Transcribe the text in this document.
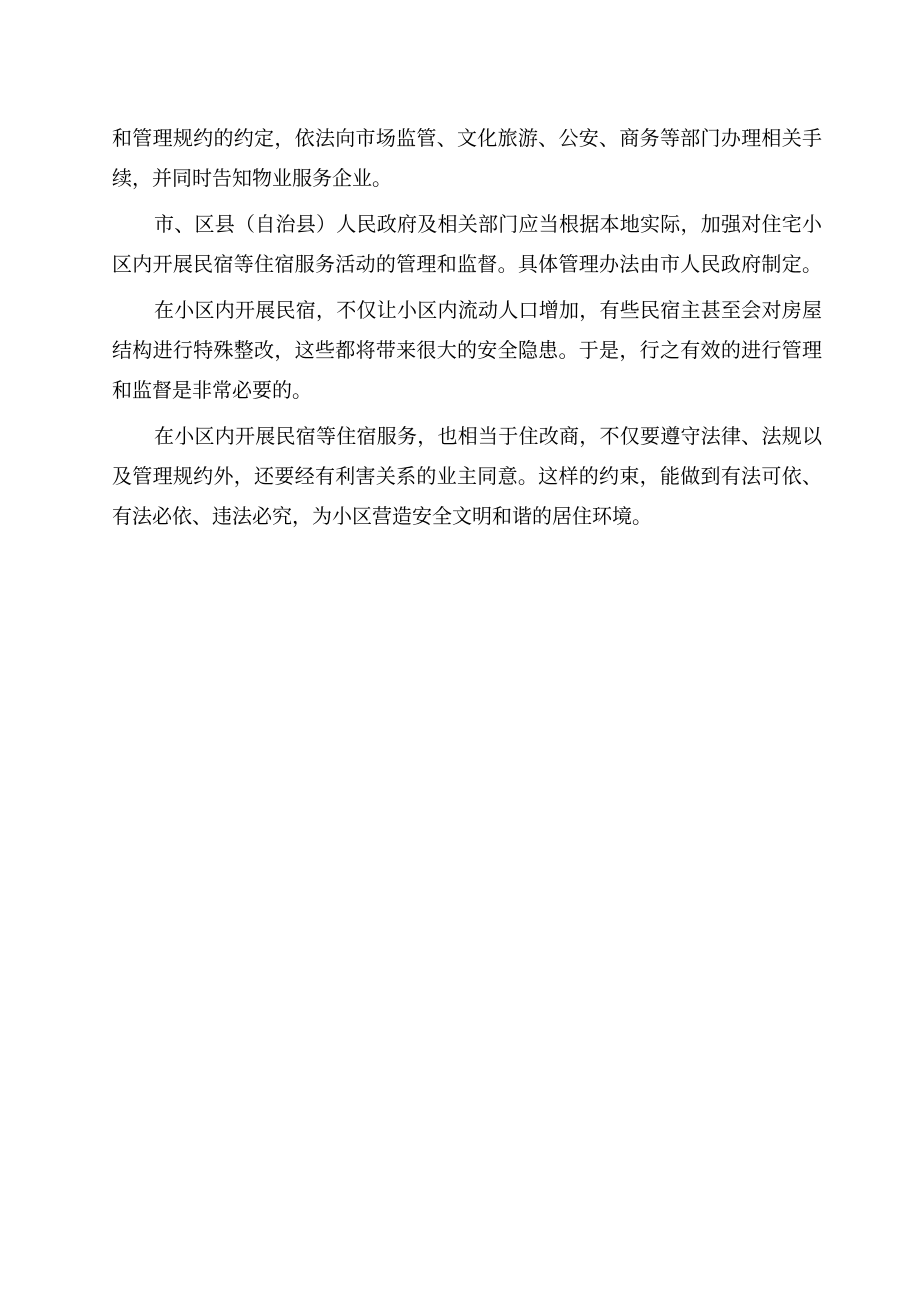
和管理规约的约定，依法向市场监管、文化旅游、公安、商务等部门办理相关手
续，并同时告知物业服务企业。
市、区县（自治县）人民政府及相关部门应当根据本地实际，加强对住宅小
区内开展民宿等住宿服务活动的管理和监督。具体管理办法由市人民政府制定。
在小区内开展民宿，不仅让小区内流动人口增加，有些民宿主甚至会对房屋
结构进行特殊整改，这些都将带来很大的安全隐患。于是，行之有效的进行管理
和监督是非常必要的。
在小区内开展民宿等住宿服务，也相当于住改商，不仅要遵守法律、法规以
及管理规约外，还要经有利害关系的业主同意。这样的约束，能做到有法可依、
有法必依、违法必究，为小区营造安全文明和谐的居住环境。
